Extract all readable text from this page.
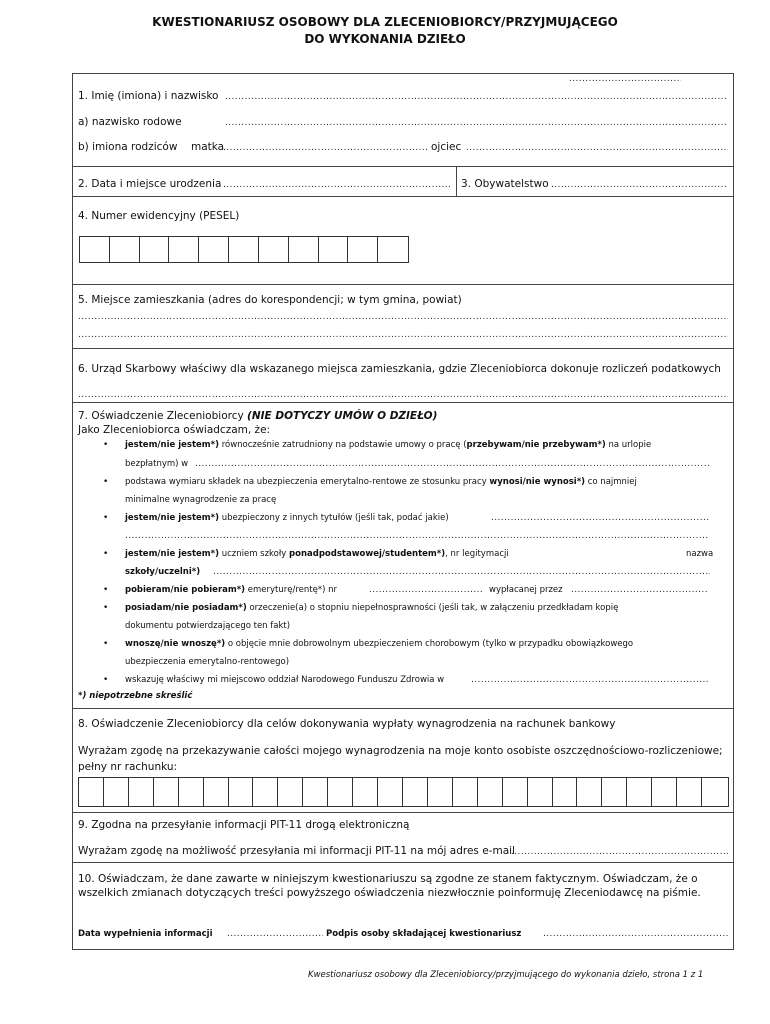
KWESTIONARIUSZ OSOBOWY DLA ZLECENIOBIORCY/PRZYJMUJĄCEGO
DO WYKONANIA DZIEŁO
1. Imię (imiona) i nazwisko
.....
a) nazwisko rodowe
.....
b) imiona rodziców matka .....	ojciec
.....
2. Data i miejsce urodzenia .....	3. Obywatelstwo
.....
4. Numer ewidencyjny (PESEL)
5. Miejsce zamieszkania (adres do korespondencji; w tym gmina, powiat)
.....
.....
6. Urząd Skarbowy właściwy dla wskazanego miejsca zamieszkania, gdzie Zleceniobiorca dokonuje rozliczeń podatkowych
.....
7. Oświadczenie Zleceniobiorcy (NIE DOTYCZY UMÓW O DZIEŁO)
Jako Zleceniobiorca oświadczam, że:
• jestem/nie jestem*) równocześnie zatrudniony na podstawie umowy o pracę (przebywam/nie przebywam*) na urlopie
bezpłatnym) w
.....
• podstawa wymiaru składek na ubezpieczenia emerytalno-rentowe ze stosunku pracy wynosi/nie wynosi*) co najmniej
minimalne wynagrodzenie za pracę
• jestem/nie jestem*) ubezpieczony z innych tytułów (jeśli tak, podać jakie)
.....
.....
• jestem/nie jestem*) uczniem szkoły ponadpodstawowej/studentem*), nr legitymacji
.....	nazwa
szkoły/uczelni*)
.....
• pobieram/nie pobieram*) emeryturę/rentę*) nr .....	wypłacanej przez
.....
• posiadam/nie posiadam*) orzeczenie(a) o stopniu niepełnosprawności (jeśli tak, w załączeniu przedkładam kopię
dokumentu potwierdzającego ten fakt)
• wnoszę/nie wnoszę*) o objęcie mnie dobrowolnym ubezpieczeniem chorobowym (tylko w przypadku obowiązkowego
ubezpieczenia emerytalno-rentowego)
• wskazuję właściwy mi miejscowo oddział Narodowego Funduszu Zdrowia w
.....
*) niepotrzebne skreślić
8. Oświadczenie Zleceniobiorcy dla celów dokonywania wypłaty wynagrodzenia na rachunek bankowy
Wyrażam zgodę na przekazywanie całości mojego wynagrodzenia na moje konto osobiste oszczędnościowo-rozliczeniowe;
pełny nr rachunku:
9. Zgodna na przesyłanie informacji PIT-11 drogą elektroniczną
Wyrażam zgodę na możliwość przesyłania mi informacji PIT-11 na mój adres e-mail
.....
10. Oświadczam, że dane zawarte w niniejszym kwestionariuszu są zgodne ze stanem faktycznym. Oświadczam, że o
wszelkich zmianach dotyczących treści powyższego oświadczenia niezwłocznie poinformuję Zleceniodawcę na piśmie.
Data wypełnienia informacji .....	Podpis osoby składającej kwestionariusz
.....
Kwestionariusz osobowy dla Zleceniobiorcy/przyjmującego do wykonania dzieło, strona 1 z 1
